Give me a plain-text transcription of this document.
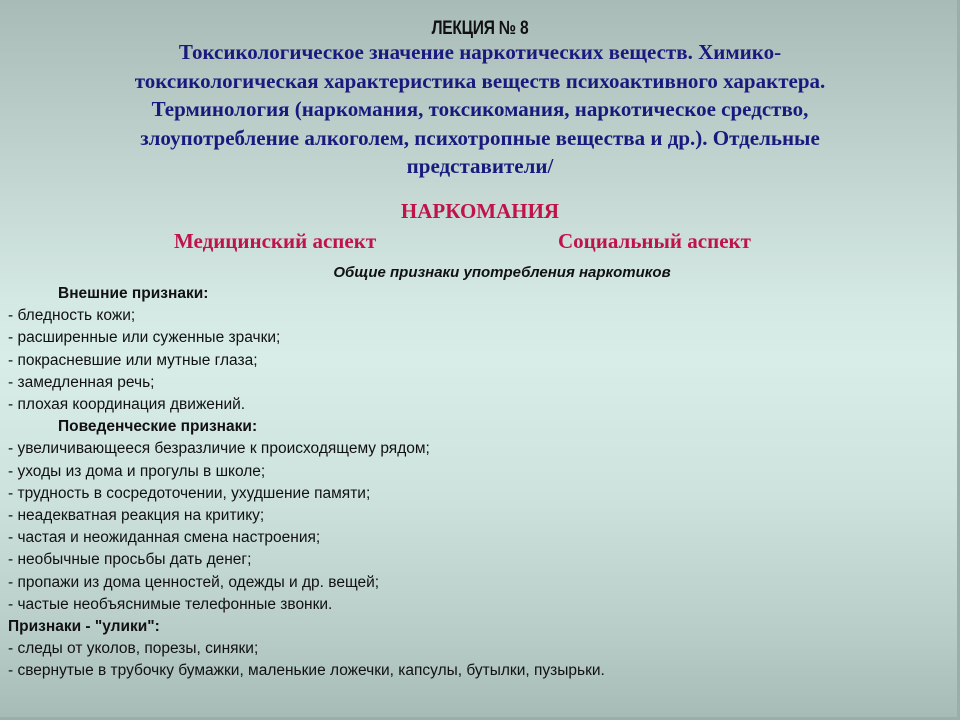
ЛЕКЦИЯ № 8
Токсикологическое значение наркотических веществ. Химико-
токсикологическая характеристика веществ психоактивного характера.
Терминология (наркомания, токсикомания, наркотическое средство,
злоупотребление алкоголем, психотропные вещества и др.). Отдельные
представители/
НАРКОМАНИЯ
Медицинский аспект	Социальный аспект
Общие признаки употребления наркотиков
Внешние признаки:
- бледность кожи;
- расширенные или суженные зрачки;
- покрасневшие или мутные глаза;
- замедленная речь;
- плохая координация движений.
Поведенческие признаки:
- увеличивающееся безразличие к происходящему рядом;
- уходы из дома и прогулы в школе;
- трудность в сосредоточении, ухудшение памяти;
- неадекватная реакция на критику;
- частая и неожиданная смена настроения;
- необычные просьбы дать денег;
- пропажи из дома ценностей, одежды и др. вещей;
- частые необъяснимые телефонные звонки.
Признаки - "улики":
- следы от уколов, порезы, синяки;
- свернутые в трубочку бумажки, маленькие ложечки, капсулы, бутылки, пузырьки.
